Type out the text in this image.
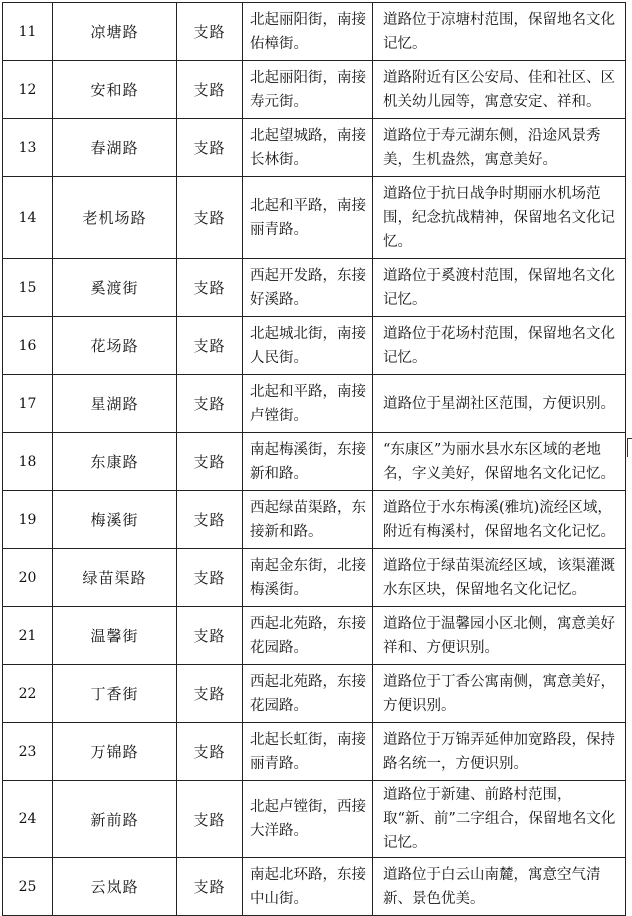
11	凉塘路	支路	北起丽阳街，南接佑樟街。	道路位于凉塘村范围，保留地名文化记忆。
12	安和路	支路	北起丽阳街，南接寿元街。	道路附近有区公安局、佳和社区、区机关幼儿园等，寓意安定、祥和。
13	春湖路	支路	北起望城路，南接长林街。	道路位于寿元湖东侧，沿途风景秀美，生机盎然，寓意美好。
14	老机场路	支路	北起和平路，南接丽青路。	道路位于抗日战争时期丽水机场范围，纪念抗战精神，保留地名文化记忆。
15	奚渡街	支路	西起开发路，东接好溪路。	道路位于奚渡村范围，保留地名文化记忆。
16	花场路	支路	北起城北街，南接人民街。	道路位于花场村范围，保留地名文化记忆。
17	星湖路	支路	北起和平路，南接卢镗街。	道路位于星湖社区范围，方便识别。
18	东康路	支路	南起梅溪街，东接新和路。	“东康区”为丽水县水东区域的老地名，字义美好，保留地名文化记忆。
19	梅溪街	支路	西起绿苗渠路，东接新和路。	道路位于水东梅溪(雅坑)流经区域，附近有梅溪村，保留地名文化记忆。
20	绿苗渠路	支路	南起金东街，北接梅溪街。	道路位于绿苗渠流经区域，该渠灌溉水东区块，保留地名文化记忆。
21	温馨街	支路	西起北苑路，东接花园路。	道路位于温馨园小区北侧，寓意美好祥和、方便识别。
22	丁香街	支路	西起北苑路，东接花园路。	道路位于丁香公寓南侧，寓意美好，方便识别。
23	万锦路	支路	北起长虹街，南接丽青路。	道路位于万锦弄延伸加宽路段，保持路名统一，方便识别。
24	新前路	支路	北起卢镗街，西接大洋路。	道路位于新建、前路村范围，取“新、前”二字组合，保留地名文化记忆。
25	云岚路	支路	南起北环路，东接中山街。	道路位于白云山南麓，寓意空气清新、景色优美。
